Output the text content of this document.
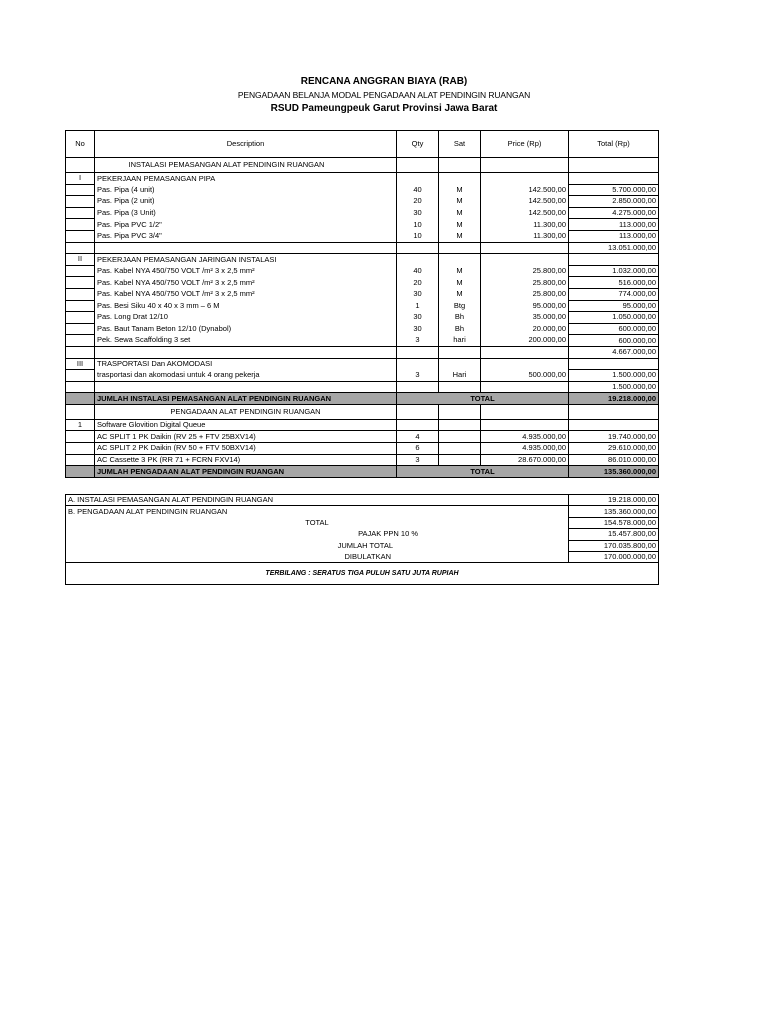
RENCANA ANGGRAN BIAYA (RAB)
PENGADAAN BELANJA MODAL PENGADAAN ALAT PENDINGIN RUANGAN
RSUD Pameungpeuk Garut Provinsi Jawa Barat
No	Description	Qty	Sat	Price (Rp)	Total (Rp)
	INSTALASI PEMASANGAN ALAT PENDINGIN RUANGAN				
I	PEKERJAAN PEMASANGAN PIPA				
	Pas. Pipa (4 unit)	40	M	142.500,00	5.700.000,00
	Pas. Pipa (2 unit)	20	M	142.500,00	2.850.000,00
	Pas. Pipa (3 Unit)	30	M	142.500,00	4.275.000,00
	Pas. Pipa PVC 1/2"	10	M	11.300,00	113.000,00
	Pas. Pipa PVC 3/4"	10	M	11.300,00	113.000,00
					13.051.000,00
II	PEKERJAAN PEMASANGAN JARINGAN INSTALASI				
	Pas. Kabel NYA 450/750 VOLT /m² 3 x 2,5 mm²	40	M	25.800,00	1.032.000,00
	Pas. Kabel NYA 450/750 VOLT /m² 3 x 2,5 mm²	20	M	25.800,00	516.000,00
	Pas. Kabel NYA 450/750 VOLT /m² 3 x 2,5 mm²	30	M	25.800,00	774.000,00
	Pas. Besi Siku 40 x 40 x 3 mm – 6 M	1	Btg	95.000,00	95.000,00
	Pas. Long Drat 12/10	30	Bh	35.000,00	1.050.000,00
	Pas. Baut Tanam Beton 12/10 (Dynabol)	30	Bh	20.000,00	600.000,00
	Pek. Sewa Scaffolding 3 set	3	hari	200.000,00	600.000,00
					4.667.000,00
III	TRASPORTASI Dan AKOMODASI				
	trasportasi dan akomodasi untuk 4 orang pekerja	3	Hari	500.000,00	1.500.000,00
					1.500.000,00
	JUMLAH INSTALASI PEMASANGAN ALAT PENDINGIN RUANGAN	TOTAL			19.218.000,00
	PENGADAAN ALAT PENDINGIN RUANGAN				
1	Software Glovition Digital Queue				
	AC SPLIT 1 PK Daikin (RV 25 + FTV 25BXV14)	4		4.935.000,00	19.740.000,00
	AC SPLIT 2 PK Daikin (RV 50 + FTV 50BXV14)	6		4.935.000,00	29.610.000,00
	AC Cassette 3 PK (RR 71 + FCRN FXV14)	3		28.670.000,00	86.010.000,00
	JUMLAH PENGADAAN ALAT PENDINGIN RUANGAN	TOTAL			135.360.000,00
A. INSTALASI PEMASANGAN ALAT PENDINGIN RUANGAN	19.218.000,00
B. PENGADAAN ALAT PENDINGIN RUANGAN	135.360.000,00
TOTAL	154.578.000,00
PAJAK PPN 10 %	15.457.800,00
JUMLAH TOTAL	170.035.800,00
DIBULATKAN	170.000.000,00
TERBILANG : SERATUS TIGA PULUH SATU JUTA RUPIAH	
